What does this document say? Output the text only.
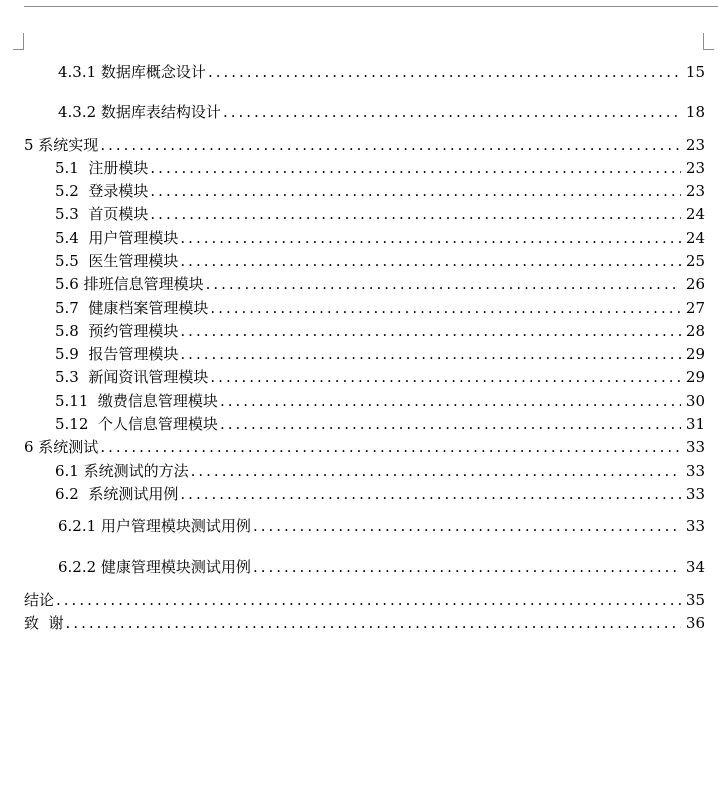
4.3.1 数据库概念设计 .....	15
4.3.2 数据库表结构设计 .....	18
5 系统实现 .....	23
5.1  注册模块 .....	23
5.2  登录模块 .....	23
5.3  首页模块 .....	24
5.4  用户管理模块 .....	24
5.5  医生管理模块 .....	25
5.6 排班信息管理模块 .....	26
5.7  健康档案管理模块 .....	27
5.8  预约管理模块 .....	28
5.9  报告管理模块 .....	29
5.3  新闻资讯管理模块 .....	29
5.11  缴费信息管理模块 .....	30
5.12  个人信息管理模块 .....	31
6 系统测试 .....	33
6.1 系统测试的方法 .....	33
6.2  系统测试用例 .....	33
6.2.1 用户管理模块测试用例 .....	33
6.2.2 健康管理模块测试用例 .....	34
结论 .....	35
致  谢 .....	36
